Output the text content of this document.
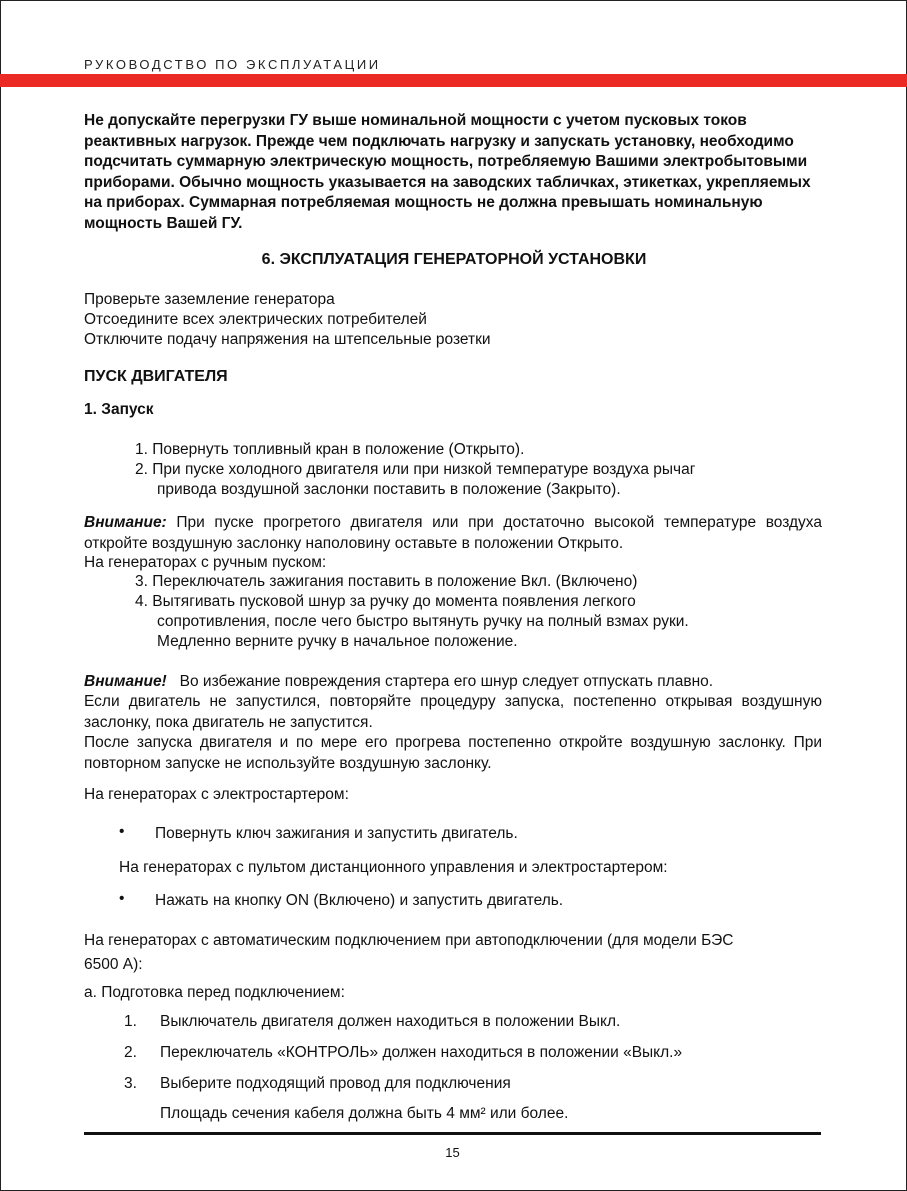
РУКОВОДСТВО ПО ЭКСПЛУАТАЦИИ
Не допускайте перегрузки ГУ выше номинальной мощности с учетом пусковых токов реактивных нагрузок. Прежде чем подключать нагрузку и запускать установку, необходимо подсчитать суммарную электрическую мощность, потребляемую Вашими электробытовыми приборами. Обычно мощность указывается на заводских табличках, этикетках, укрепляемых на приборах. Суммарная потребляемая мощность не должна превышать номинальную мощность Вашей ГУ.
6. ЭКСПЛУАТАЦИЯ ГЕНЕРАТОРНОЙ УСТАНОВКИ
Проверьте заземление генератора
Отсоедините всех электрических потребителей
Отключите подачу напряжения на штепсельные розетки
ПУСК ДВИГАТЕЛЯ
1. Запуск
1. Повернуть топливный кран в положение (Открыто).
2. При пуске холодного двигателя или при низкой температуре воздуха рычаг
привода воздушной заслонки поставить в положение (Закрыто).
Внимание: При пуске прогретого двигателя или при достаточно высокой температуре воздуха откройте воздушную заслонку наполовину оставьте в положении Открыто.
На генераторах с ручным пуском:
3. Переключатель зажигания поставить в положение Вкл. (Включено)
4. Вытягивать пусковой шнур за ручку до момента появления легкого
сопротивления, после чего быстро вытянуть ручку на полный взмах руки.
Медленно верните ручку в начальное положение.
Внимание! Во избежание повреждения стартера его шнур следует отпускать плавно.
Если двигатель не запустился, повторяйте процедуру запуска, постепенно открывая воздушную заслонку, пока двигатель не запустится.
После запуска двигателя и по мере его прогрева постепенно откройте воздушную заслонку. При повторном запуске не используйте воздушную заслонку.
На генераторах с электростартером:
• Повернуть ключ зажигания и запустить двигатель.
На генераторах с пультом дистанционного управления и электростартером:
• Нажать на кнопку ON (Включено) и запустить двигатель.
На генераторах с автоматическим подключением при автоподключении (для модели БЭС
6500 А):
а. Подготовка перед подключением:
1. Выключатель двигателя должен находиться в положении Выкл.
2. Переключатель «КОНТРОЛЬ» должен находиться в положении «Выкл.»
3. Выберите подходящий провод для подключения
Площадь сечения кабеля должна быть 4 мм² или более.
15
